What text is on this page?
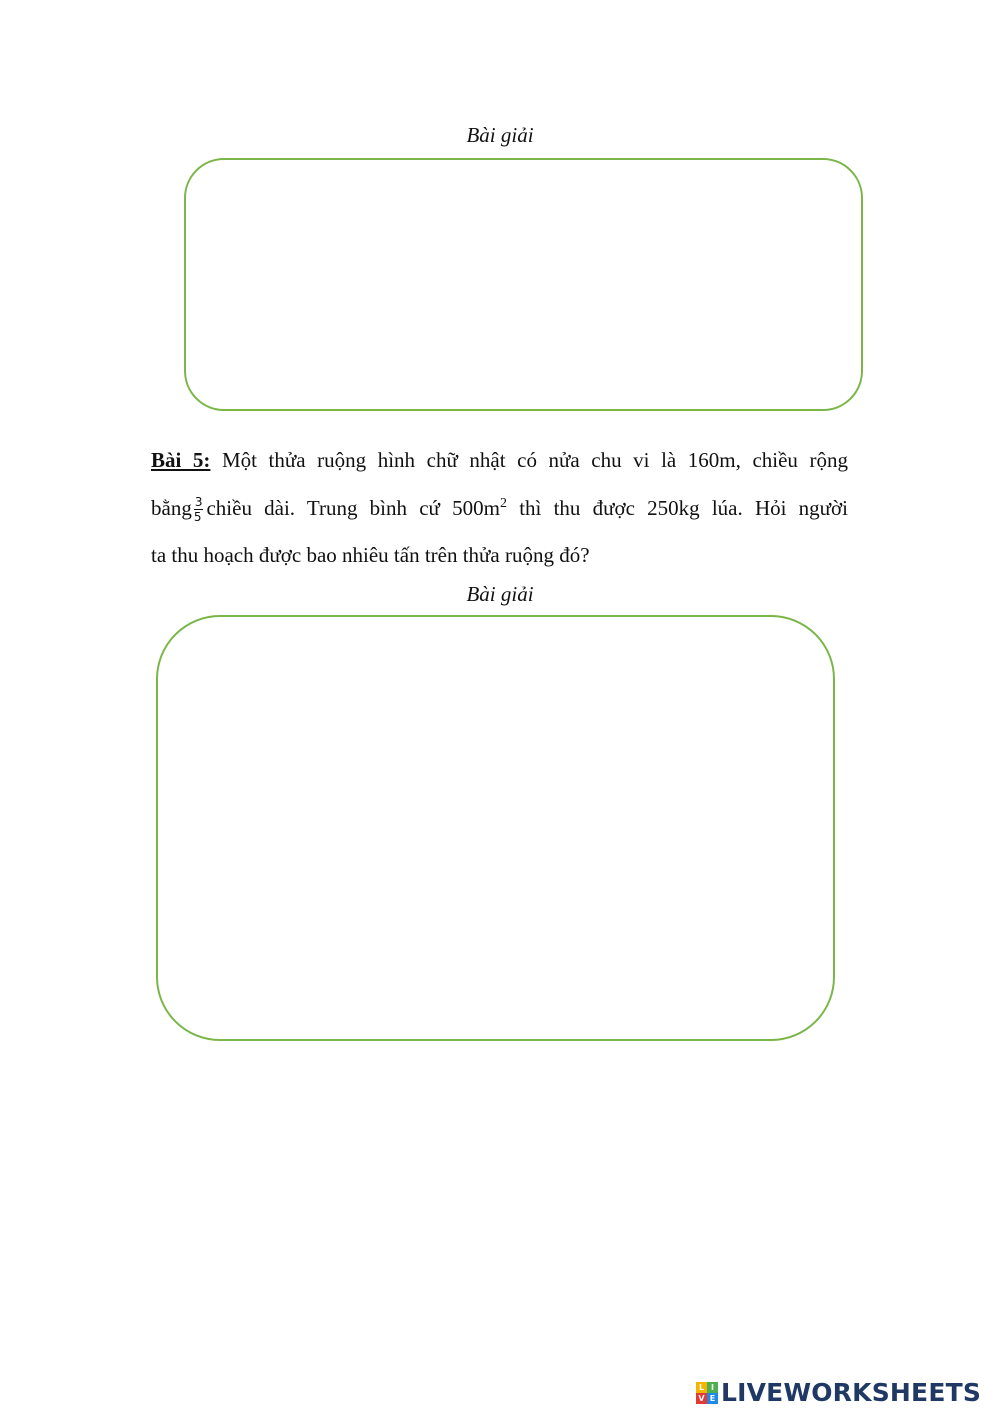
Bài giải
Bài 5: Một thửa ruộng hình chữ nhật có nửa chu vi là 160m, chiều rộng
bằng $\frac{3}{5}$ chiều dài. Trung bình cứ $500m^2$ thì thu được 250kg lúa. Hỏi người
ta thu hoạch được bao nhiêu tấn trên thửa ruộng đó?
Bài giải
L I
V E LIVEWORKSHEETS
